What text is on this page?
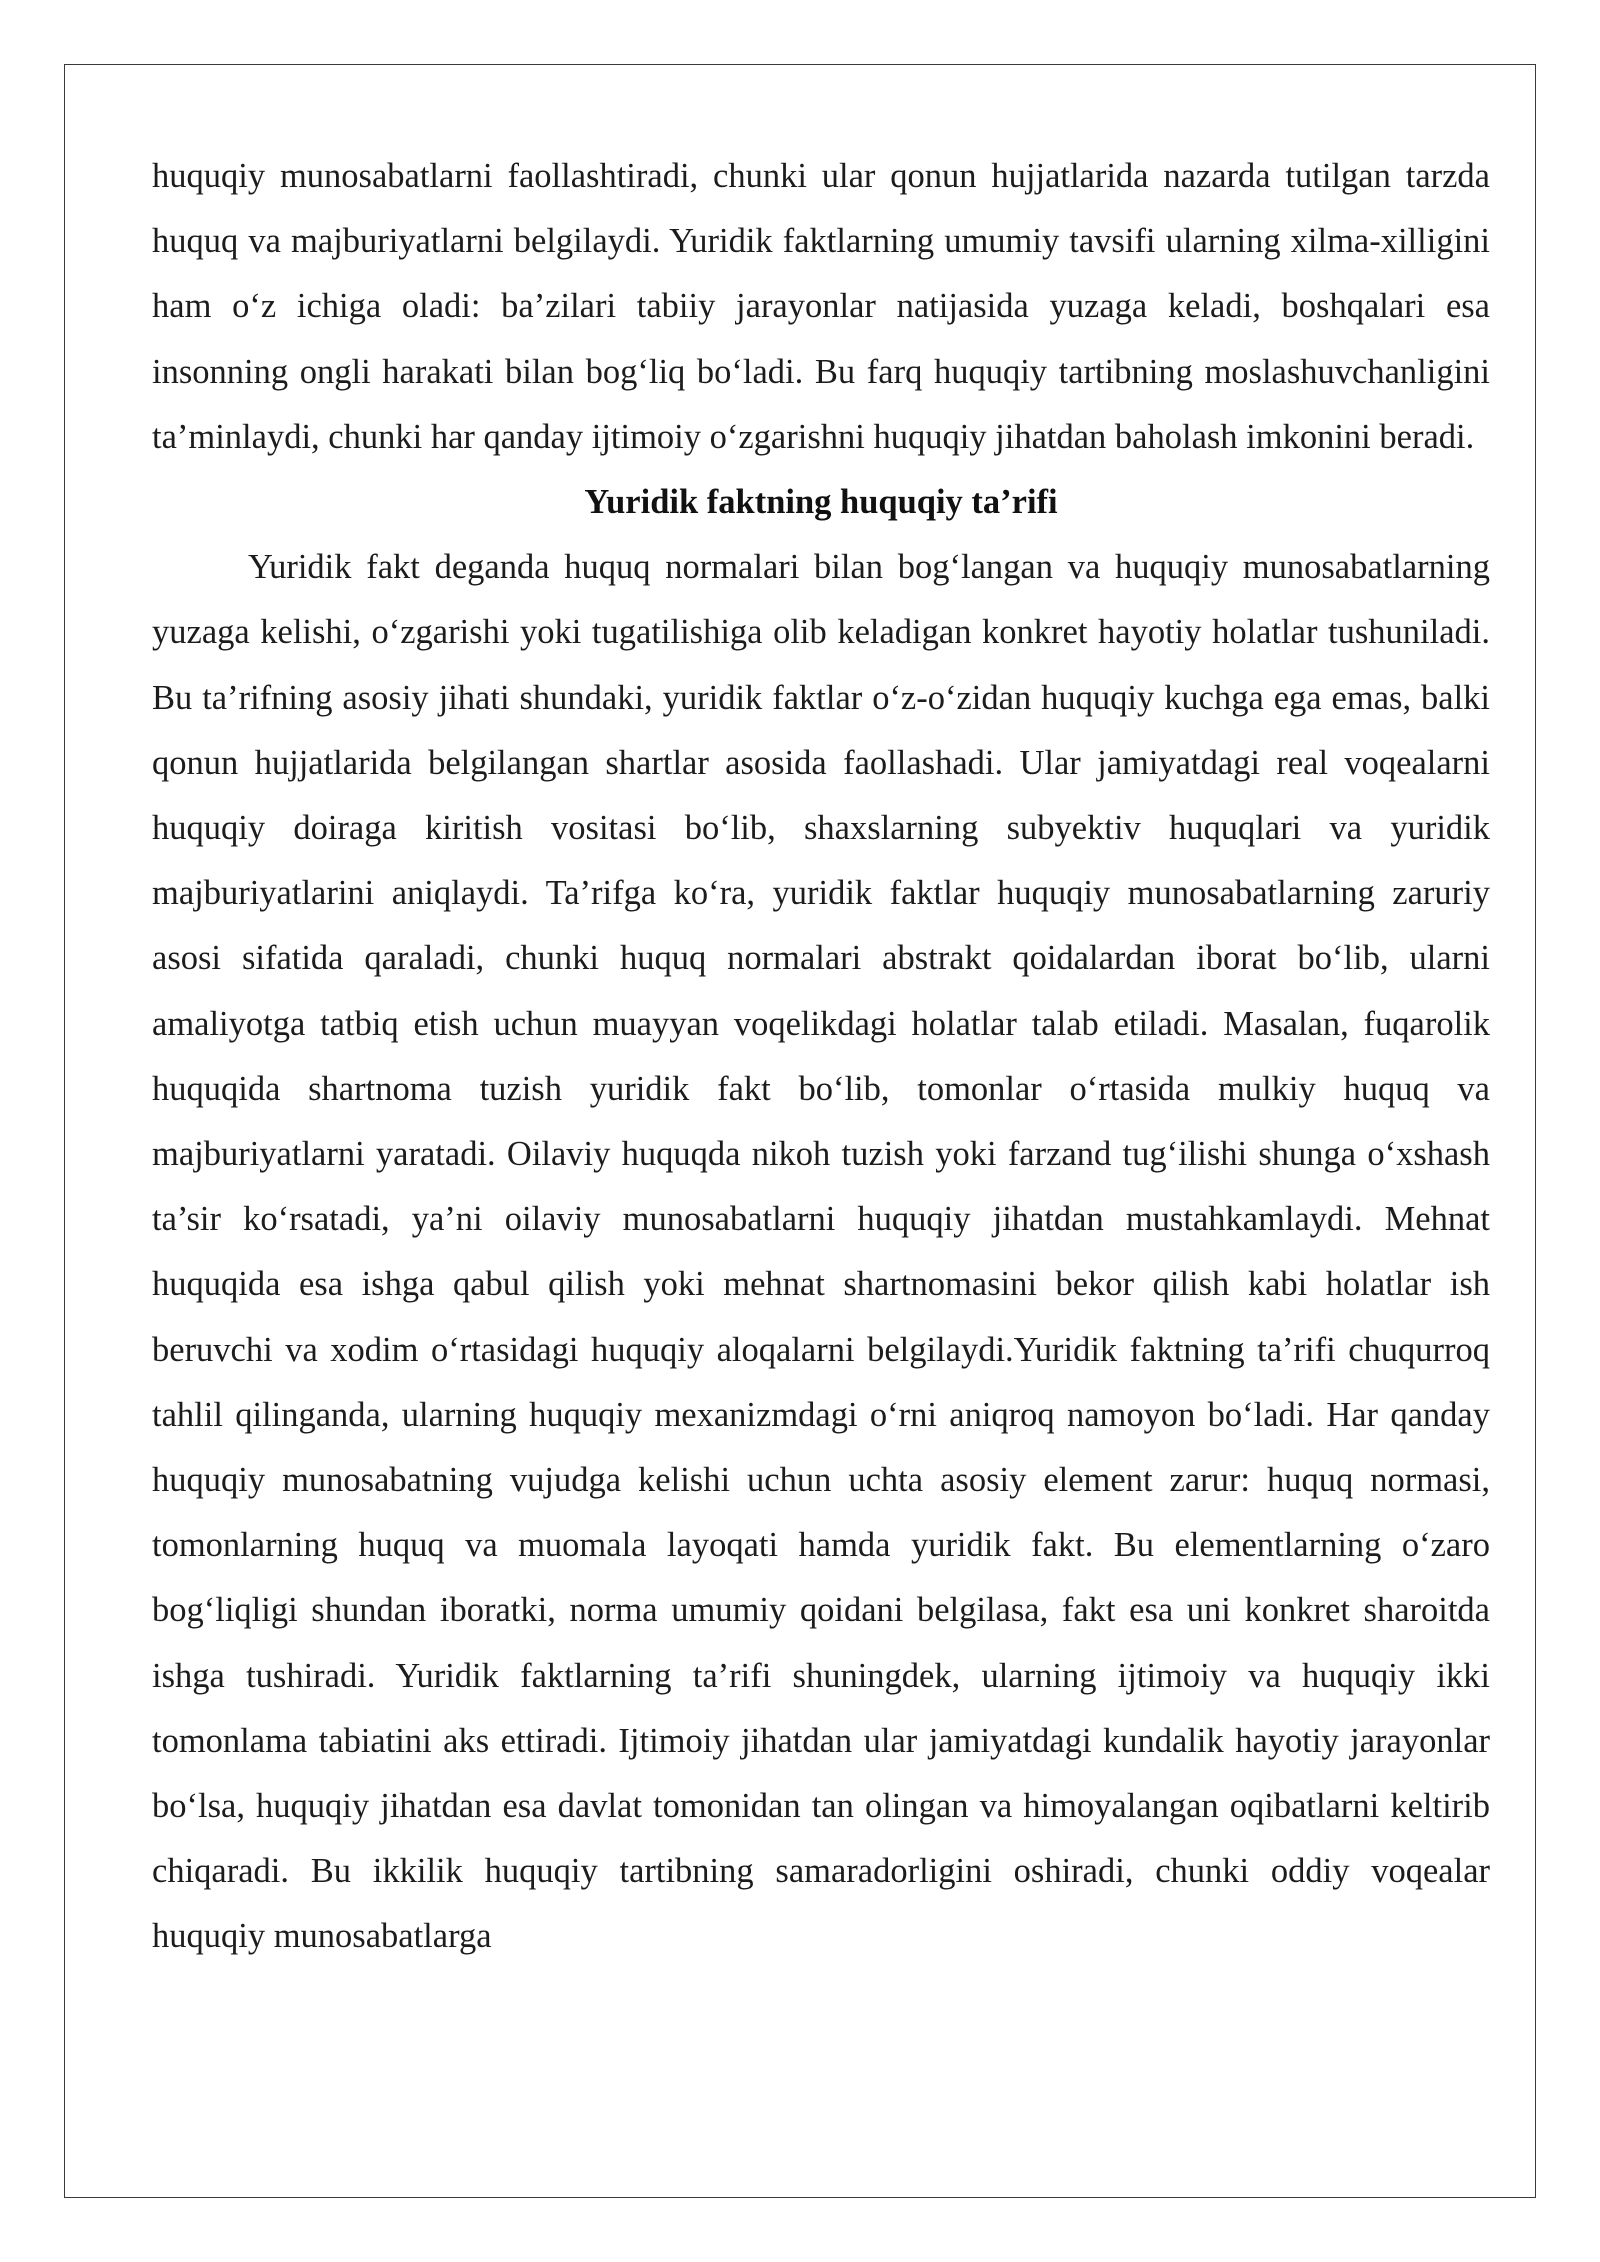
huquqiy munosabatlarni faollashtiradi, chunki ular qonun hujjatlarida nazarda tutilgan tarzda huquq va majburiyatlarni belgilaydi. Yuridik faktlarning umumiy tavsifi ularning xilma-xilligini ham o‘z ichiga oladi: ba’zilari tabiiy jarayonlar natijasida yuzaga keladi, boshqalari esa insonning ongli harakati bilan bog‘liq bo‘ladi. Bu farq huquqiy tartibning moslashuvchanligini ta’minlaydi, chunki har qanday ijtimoiy o‘zgarishni huquqiy jihatdan baholash imkonini beradi.

Yuridik faktning huquqiy ta’rifi

Yuridik fakt deganda huquq normalari bilan bog‘langan va huquqiy munosabatlarning yuzaga kelishi, o‘zgarishi yoki tugatilishiga olib keladigan konkret hayotiy holatlar tushuniladi. Bu ta’rifning asosiy jihati shundaki, yuridik faktlar o‘z-o‘zidan huquqiy kuchga ega emas, balki qonun hujjatlarida belgilangan shartlar asosida faollashadi. Ular jamiyatdagi real voqealarni huquqiy doiraga kiritish vositasi bo‘lib, shaxslarning subyektiv huquqlari va yuridik majburiyatlarini aniqlaydi. Ta’rifga ko‘ra, yuridik faktlar huquqiy munosabatlarning zaruriy asosi sifatida qaraladi, chunki huquq normalari abstrakt qoidalardan iborat bo‘lib, ularni amaliyotga tatbiq etish uchun muayyan voqelikdagi holatlar talab etiladi. Masalan, fuqarolik huquqida shartnoma tuzish yuridik fakt bo‘lib, tomonlar o‘rtasida mulkiy huquq va majburiyatlarni yaratadi. Oilaviy huquqda nikoh tuzish yoki farzand tug‘ilishi shunga o‘xshash ta’sir ko‘rsatadi, ya’ni oilaviy munosabatlarni huquqiy jihatdan mustahkamlaydi. Mehnat huquqida esa ishga qabul qilish yoki mehnat shartnomasini bekor qilish kabi holatlar ish beruvchi va xodim o‘rtasidagi huquqiy aloqalarni belgilaydi.Yuridik faktning ta’rifi chuqurroq tahlil qilinganda, ularning huquqiy mexanizmdagi o‘rni aniqroq namoyon bo‘ladi. Har qanday huquqiy munosabatning vujudga kelishi uchun uchta asosiy element zarur: huquq normasi, tomonlarning huquq va muomala layoqati hamda yuridik fakt. Bu elementlarning o‘zaro bog‘liqligi shundan iboratki, norma umumiy qoidani belgilasa, fakt esa uni konkret sharoitda ishga tushiradi. Yuridik faktlarning ta’rifi shuningdek, ularning ijtimoiy va huquqiy ikki tomonlama tabiatini aks ettiradi. Ijtimoiy jihatdan ular jamiyatdagi kundalik hayotiy jarayonlar bo‘lsa, huquqiy jihatdan esa davlat tomonidan tan olingan va himoyalangan oqibatlarni keltirib chiqaradi. Bu ikkilik huquqiy tartibning samaradorligini oshiradi, chunki oddiy voqealar huquqiy munosabatlarga
